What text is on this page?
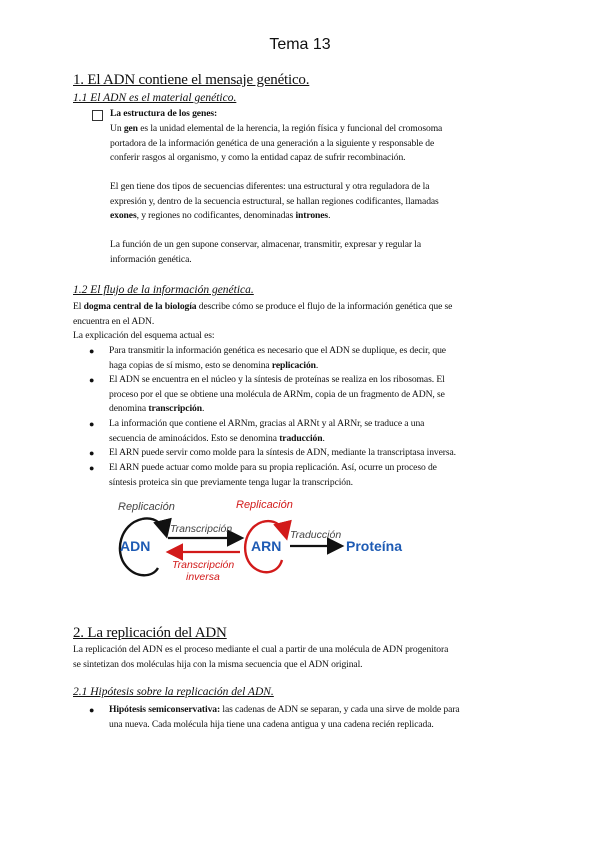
Tema 13
1. El ADN contiene el mensaje genético.
1.1 El ADN es el material genético.
La estructura de los genes:
Un gen es la unidad elemental de la herencia, la región física y funcional del cromosoma
portadora de la información genética de una generación a la siguiente y responsable de
conferir rasgos al organismo, y como la entidad capaz de sufrir recombinación.
El gen tiene dos tipos de secuencias diferentes: una estructural y otra reguladora de la
expresión y, dentro de la secuencia estructural, se hallan regiones codificantes, llamadas
exones, y regiones no codificantes, denominadas intrones.
La función de un gen supone conservar, almacenar, transmitir, expresar y regular la
información genética.
1.2 El flujo de la información genética.
El dogma central de la biología describe cómo se produce el flujo de la información genética que se
encuentra en el ADN.
La explicación del esquema actual es:
● Para transmitir la información genética es necesario que el ADN se duplique, es decir, que
haga copias de sí mismo, esto se denomina replicación.
● El ADN se encuentra en el núcleo y la síntesis de proteínas se realiza en los ribosomas. El
proceso por el que se obtiene una molécula de ARNm, copia de un fragmento de ADN, se
denomina transcripción.
● La información que contiene el ARNm, gracias al ARNt y al ARNr, se traduce a una
secuencia de aminoácidos. Esto se denomina traducción.
● El ARN puede servir como molde para la síntesis de ADN, mediante la transcriptasa inversa.
● El ARN puede actuar como molde para su propia replicación. Así, ocurre un proceso de
síntesis proteica sin que previamente tenga lugar la transcripción.
Replicación	Replicación
Transcripción
Transcripción
inversa
Traducción
ADN	ARN	Proteína
2. La replicación del ADN
La replicación del ADN es el proceso mediante el cual a partir de una molécula de ADN progenitora
se sintetizan dos moléculas hija con la misma secuencia que el ADN original.
2.1 Hipótesis sobre la replicación del ADN.
● Hipótesis semiconservativa: las cadenas de ADN se separan, y cada una sirve de molde para
una nueva. Cada molécula hija tiene una cadena antigua y una cadena recién replicada.
